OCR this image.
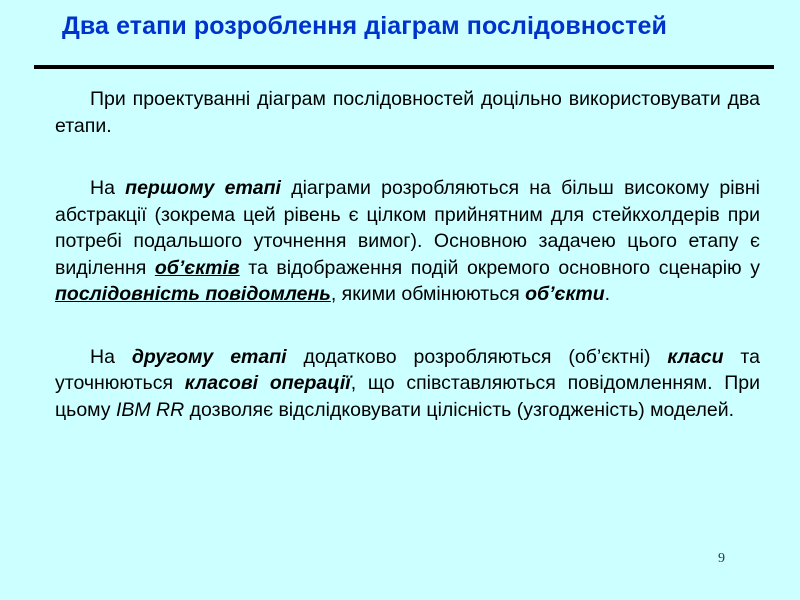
Два етапи розроблення діаграм послідовностей

При проектуванні діаграм послідовностей доцільно використовувати два етапи.

На першому етапі діаграми розробляються на більш високому рівні абстракції (зокрема цей рівень є цілком прийнятним для стейкхолдерів при потребі подальшого уточнення вимог). Основною задачею цього етапу є виділення об’єктів та відображення подій окремого основного сценарію у послідовність повідомлень, якими обмінюються об’єкти.

На другому етапі додатково розробляються (об’єктні) класи та уточнюються класові операції, що співставляються повідомленням. При цьому IBM RR дозволяє відслідковувати цілісність (узгодженість) моделей.

9
